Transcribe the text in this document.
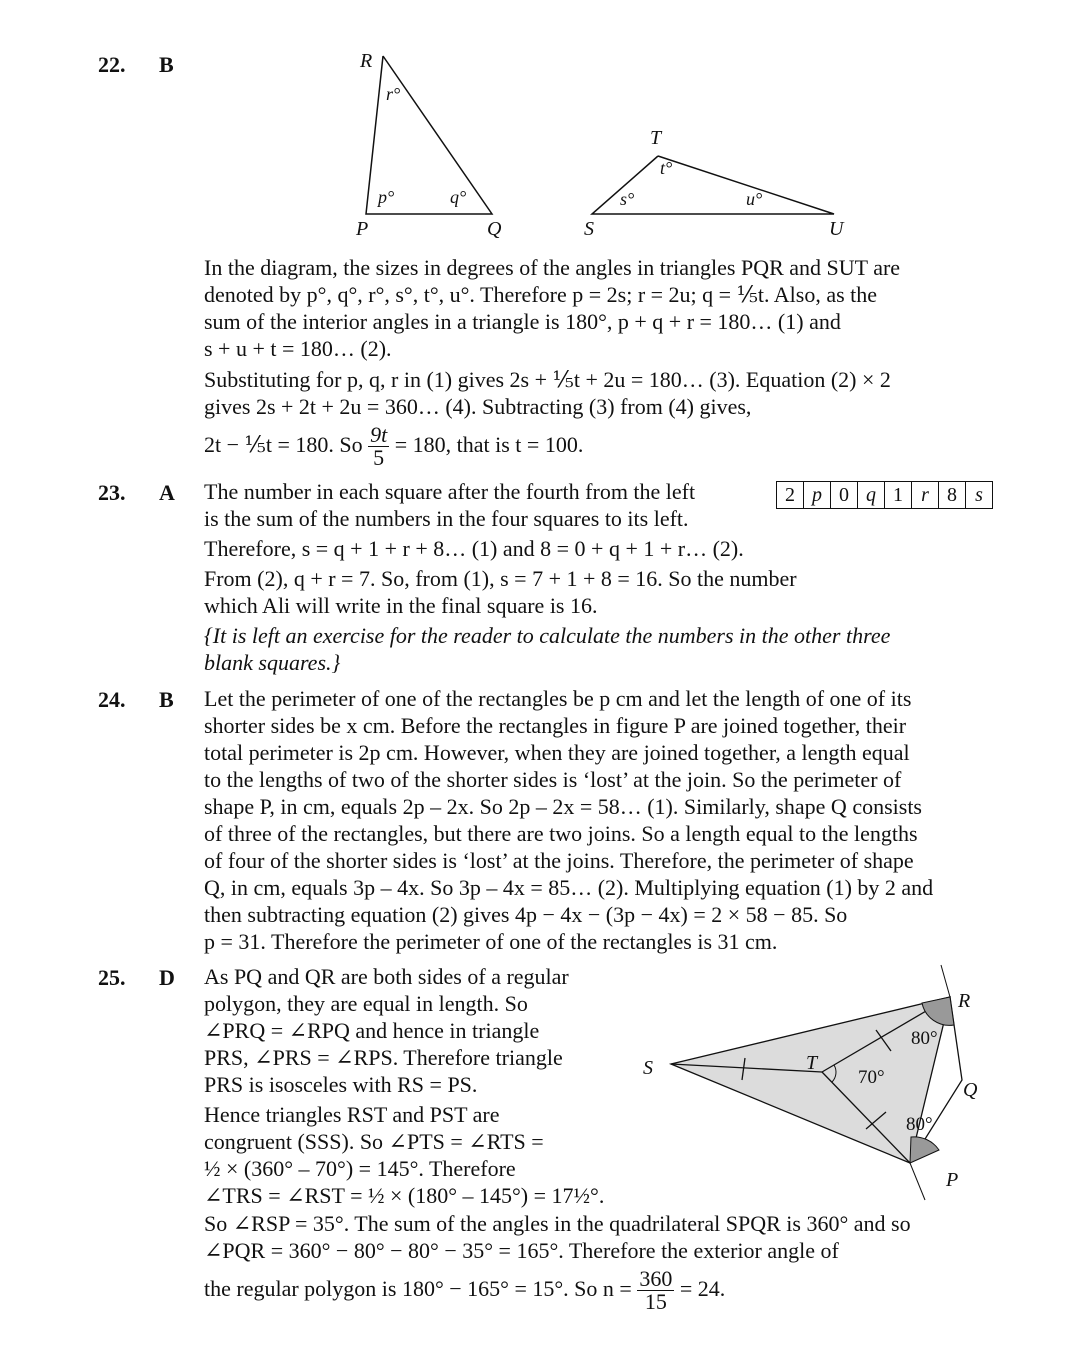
22. B	R
r°
p°	q°
P	Q
T
t°
s°	u°
S	U
In the diagram, the sizes in degrees of the angles in triangles PQR and SUT are
denoted by p°, q°, r°, s°, t°, u°. Therefore p = 2s; r = 2u; q = ⅕t. Also, as the
sum of the interior angles in a triangle is 180°, p + q + r = 180… (1) and
s + u + t = 180… (2).
Substituting for p, q, r in (1) gives 2s + ⅕t + 2u = 180… (3). Equation (2) × 2
gives 2s + 2t + 2u = 360… (4). Subtracting (3) from (4) gives,
2t − ⅕t = 180. So $\frac{9t}{5} = 180$, that is t = 100.
23. A The number in each square after the fourth from the left
is the sum of the numbers in the four squares to its left.
2 p 0 q 1 r 8 s
Therefore, s = q + 1 + r + 8… (1) and 8 = 0 + q + 1 + r… (2).
From (2), q + r = 7. So, from (1), s = 7 + 1 + 8 = 16. So the number
which Ali will write in the final square is 16.
{It is left an exercise for the reader to calculate the numbers in the other three
blank squares.}
24. B Let the perimeter of one of the rectangles be p cm and let the length of one of its
shorter sides be x cm. Before the rectangles in figure P are joined together, their
total perimeter is 2p cm. However, when they are joined together, a length equal
to the lengths of two of the shorter sides is ‘lost’ at the join. So the perimeter of
shape P, in cm, equals 2p – 2x. So 2p – 2x = 58… (1). Similarly, shape Q consists
of three of the rectangles, but there are two joins. So a length equal to the lengths
of four of the shorter sides is ‘lost’ at the joins. Therefore, the perimeter of shape
Q, in cm, equals 3p – 4x. So 3p – 4x = 85… (2). Multiplying equation (1) by 2 and
then subtracting equation (2) gives 4p − 4x − (3p − 4x) = 2 × 58 − 85. So
p = 31. Therefore the perimeter of one of the rectangles is 31 cm.
25. D
S	T
R
Q
P
80°
70°
80°
As PQ and QR are both sides of a regular
polygon, they are equal in length. So
∠PRQ = ∠RPQ and hence in triangle
PRS, ∠PRS = ∠RPS. Therefore triangle
PRS is isosceles with RS = PS.
Hence triangles RST and PST are
congruent (SSS). So ∠PTS = ∠RTS =
½ × (360° – 70°) = 145°. Therefore
∠TRS = ∠RST = ½ × (180° – 145°) = 17½°.
So ∠RSP = 35°. The sum of the angles in the quadrilateral SPQR is 360° and so
∠PQR = 360° − 80° − 80° − 35° = 165°. Therefore the exterior angle of
the regular polygon is 180° − 165° = 15°. So $n = \frac{360}{15} = 24$.
